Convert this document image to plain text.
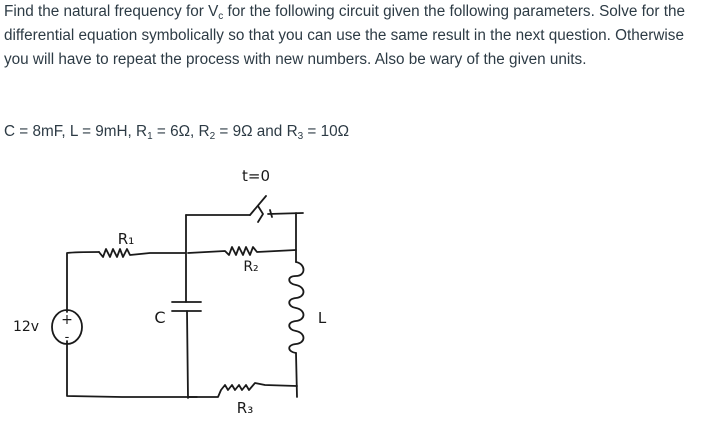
Find the natural frequency for $V_c$ for the following circuit given the following parameters. Solve for the differential equation symbolically so that you can use the same result in the next question. Otherwise you will have to repeat the process with new numbers. Also be wary of the given units.
C = 8mF, L = 9mH, $R_1 = 6\Omega$, $R_2 = 9\Omega$ and $R_3 = 10\Omega$
+
-
t=0
R₁
R₂
R₃
C	L
12v
